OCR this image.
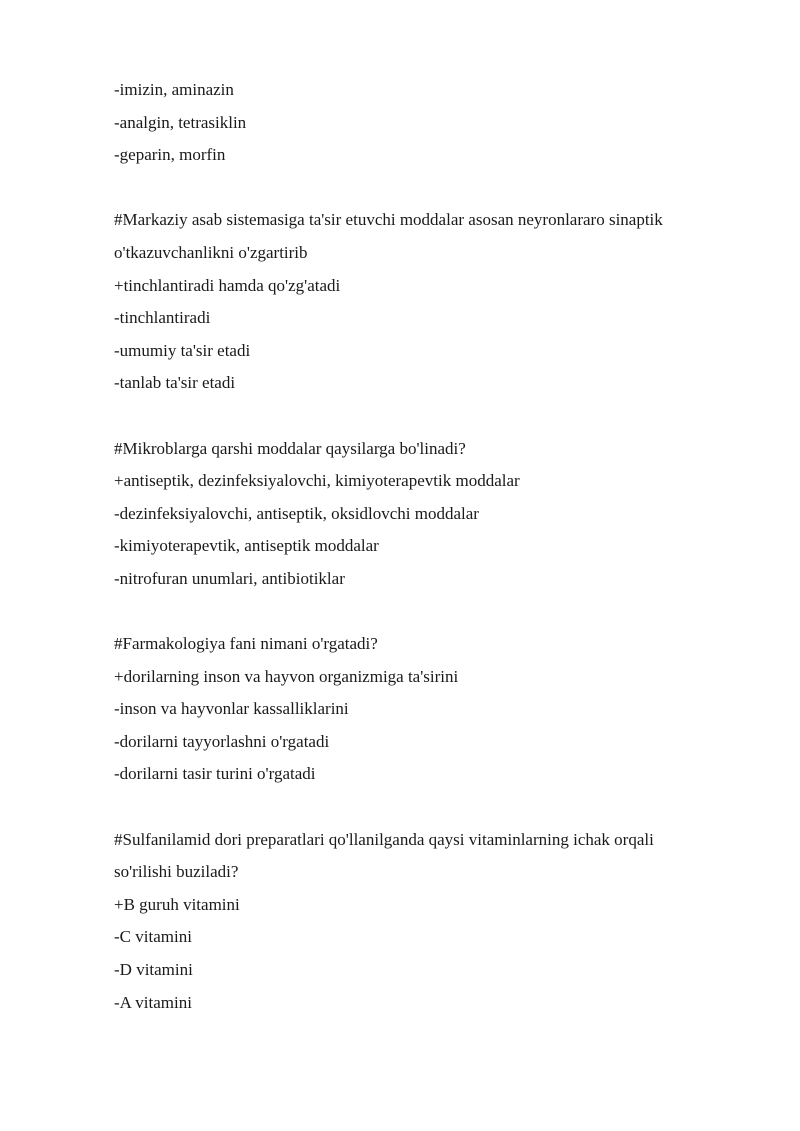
-imizin, aminazin
-analgin, tetrasiklin
-geparin, morfin
#Markaziy asab sistemasiga ta'sir etuvchi moddalar asosan neyronlararo sinaptik
o'tkazuvchanlikni o'zgartirib
+tinchlantiradi hamda qo'zg'atadi
-tinchlantiradi
-umumiy ta'sir etadi
-tanlab ta'sir etadi
#Mikroblarga qarshi moddalar qaysilarga bo'linadi?
+antiseptik, dezinfeksiyalovchi, kimiyoterapevtik moddalar
-dezinfeksiyalovchi, antiseptik, oksidlovchi moddalar
-kimiyoterapevtik, antiseptik moddalar
-nitrofuran unumlari, antibiotiklar
#Farmakologiya fani nimani o'rgatadi?
+dorilarning inson va hayvon organizmiga ta'sirini
-inson va hayvonlar kassalliklarini
-dorilarni tayyorlashni o'rgatadi
-dorilarni tasir turini o'rgatadi
#Sulfanilamid dori preparatlari qo'llanilganda qaysi vitaminlarning ichak orqali
so'rilishi buziladi?
+B guruh vitamini
-C vitamini
-D vitamini
-A vitamini
